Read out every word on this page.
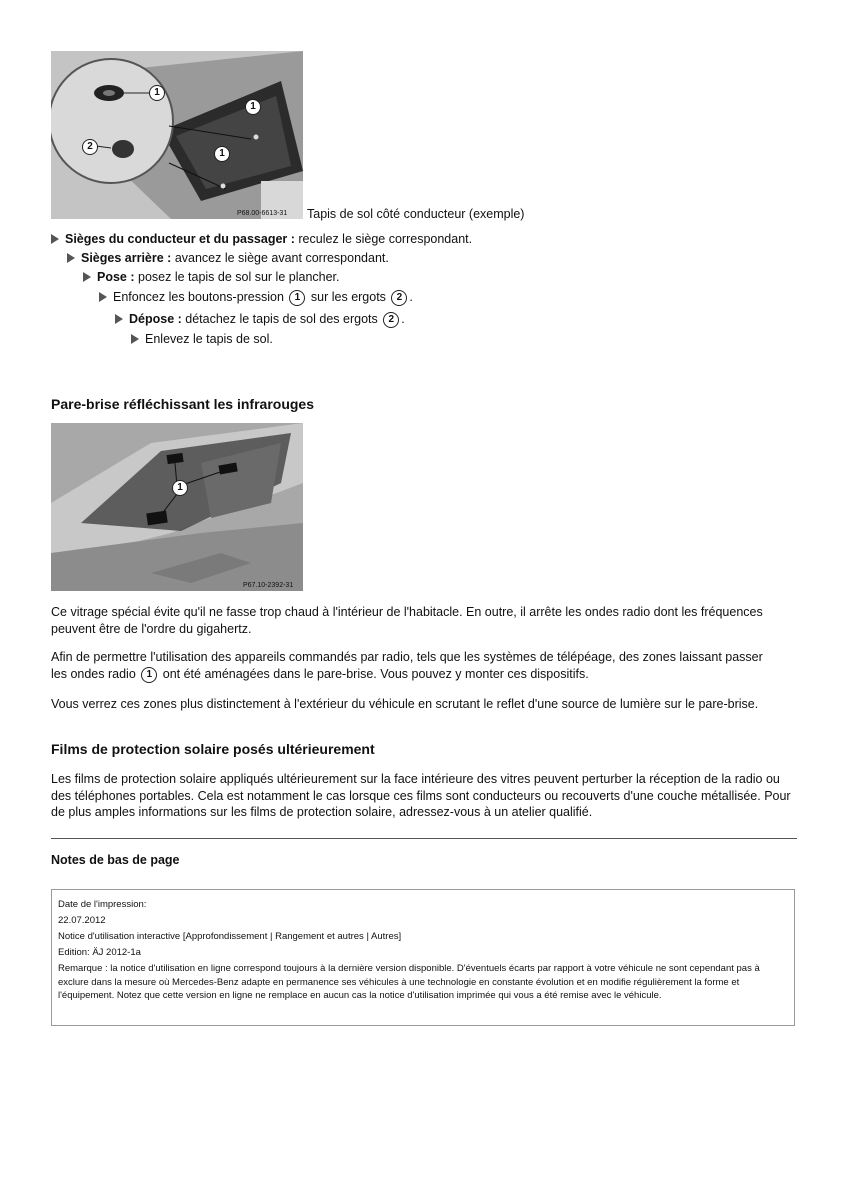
P68.00-6613-31
1
2
1
1
Tapis de sol côté conducteur (exemple)
Sièges du conducteur et du passager : reculez le siège correspondant.
Sièges arrière : avancez le siège avant correspondant.
Pose : posez le tapis de sol sur le plancher.
Enfoncez les boutons-pression 1 sur les ergots 2 .
Dépose : détachez le tapis de sol des ergots 2 .
Enlevez le tapis de sol.
Pare-brise réfléchissant les infrarouges
P67.10-2392-31
1

Ce vitrage spécial évite qu'il ne fasse trop chaud à l'intérieur de l'habitacle. En outre, il arrête les ondes radio dont les fréquences peuvent être de l'ordre du gigahertz.

Afin de permettre l'utilisation des appareils commandés par radio, tels que les systèmes de télépéage, des zones laissant passer
les ondes radio 1 ont été aménagées dans le pare-brise. Vous pouvez y monter ces dispositifs.

Vous verrez ces zones plus distinctement à l'extérieur du véhicule en scrutant le reflet d'une source de lumière sur le pare-brise.

Films de protection solaire posés ultérieurement

Les films de protection solaire appliqués ultérieurement sur la face intérieure des vitres peuvent perturber la réception de la radio ou des téléphones portables. Cela est notamment le cas lorsque ces films sont conducteurs ou recouverts d'une couche métallisée. Pour de plus amples informations sur les films de protection solaire, adressez-vous à un atelier qualifié.

Notes de bas de page
Date de l'impression:
22.07.2012
Notice d'utilisation interactive [Approfondissement | Rangement et autres | Autres]
Edition: ÄJ 2012-1a
Remarque : la notice d'utilisation en ligne correspond toujours à la dernière version disponible. D'éventuels écarts par rapport à votre véhicule ne sont cependant pas à exclure dans la mesure où Mercedes-Benz adapte en permanence ses véhicules à une technologie en constante évolution et en modifie régulièrement la forme et l'équipement. Notez que cette version en ligne ne remplace en aucun cas la notice d'utilisation imprimée qui vous a été remise avec le véhicule.
